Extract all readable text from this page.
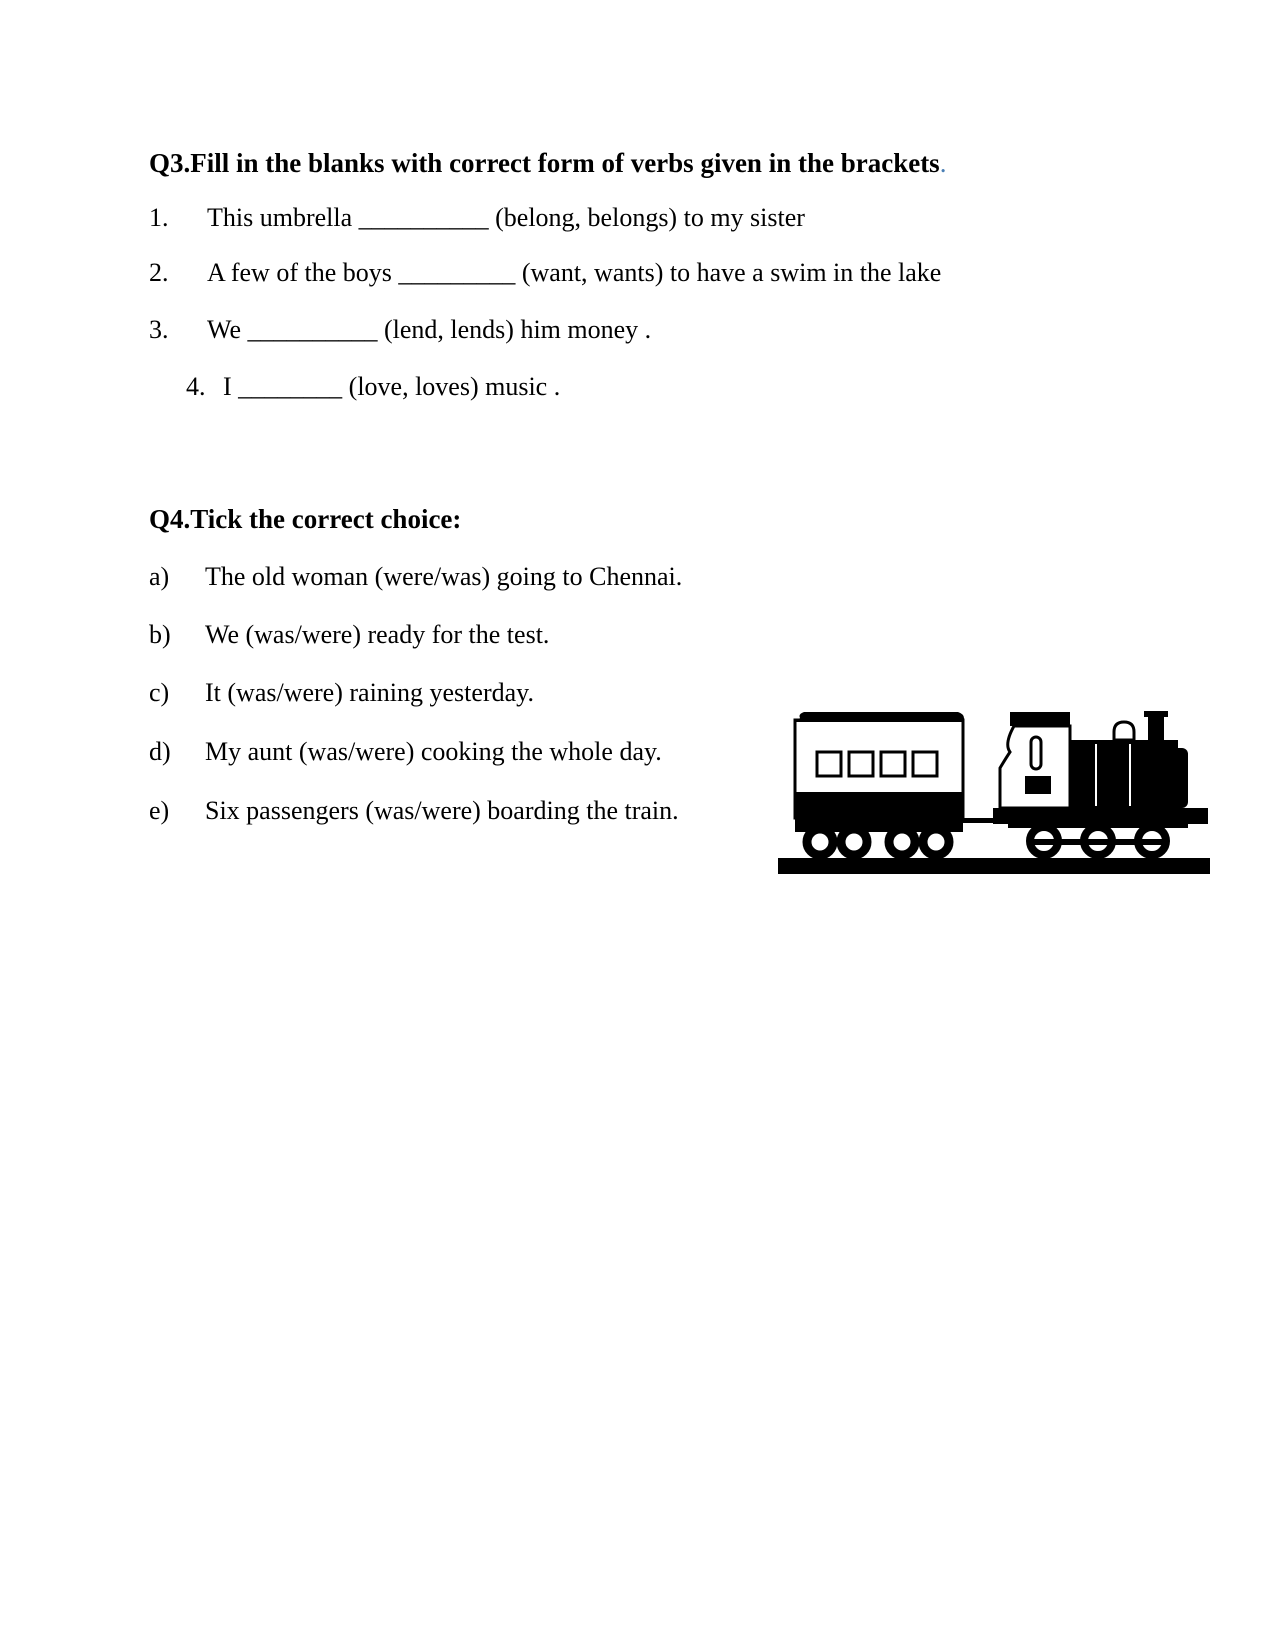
Q3.Fill in the blanks with correct form of verbs given in the brackets.
1. This umbrella __________ (belong, belongs) to my sister
2. A few of the boys _________ (want, wants) to have a swim in the lake
3. We __________ (lend, lends) him money .
4. I ________ (love, loves) music .
Q4.Tick the correct choice:
a) The old woman (were/was) going to Chennai.
b) We (was/were) ready for the test.
c) It (was/were) raining yesterday.
d) My aunt (was/were) cooking the whole day.
e) Six passengers (was/were) boarding the train.
